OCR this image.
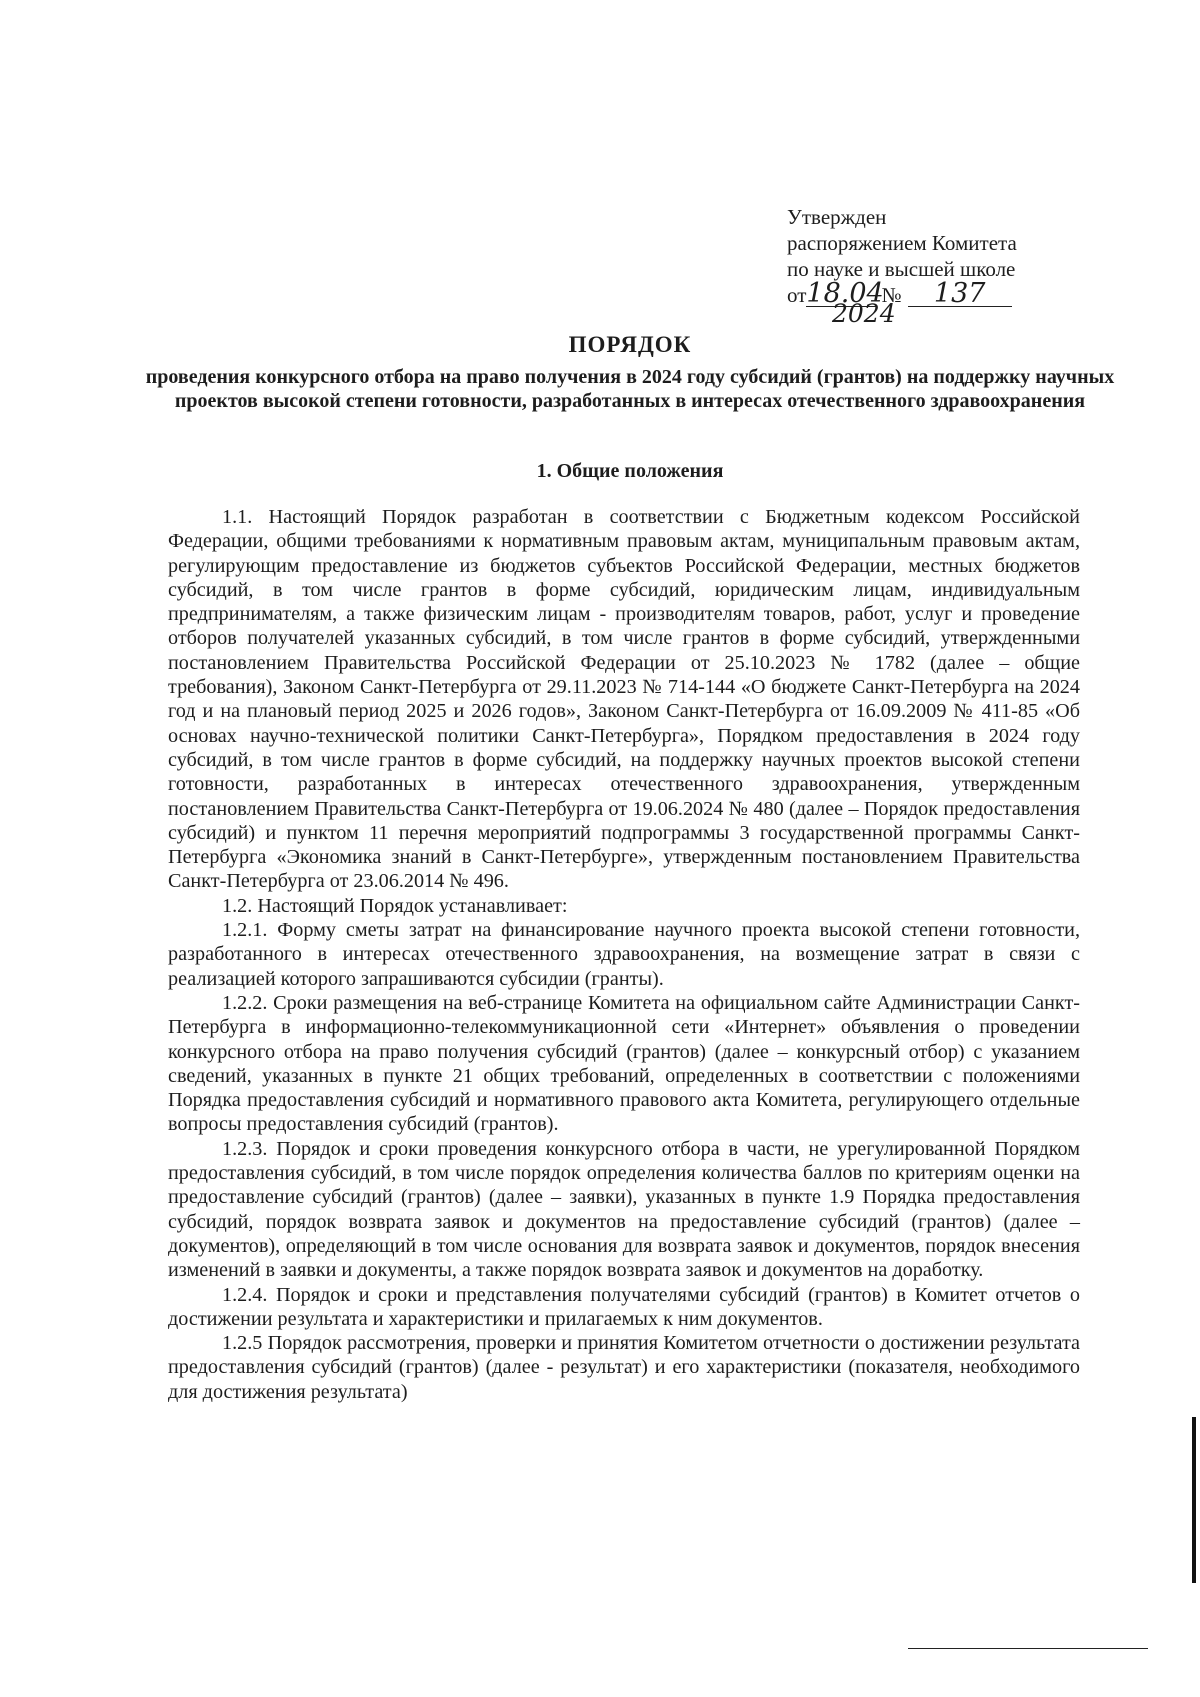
Утвержден
распоряжением Комитета
по науке и высшей школе
от18.04 № 137
2024
ПОРЯДОК
проведения конкурсного отбора на право получения в 2024 году субсидий (грантов) на поддержку научных проектов высокой степени готовности, разработанных в интересах отечественного здравоохранения
1. Общие положения

1.1. Настоящий Порядок разработан в соответствии с Бюджетным кодексом Российской Федерации, общими требованиями к нормативным правовым актам, муниципальным правовым актам, регулирующим предоставление из бюджетов субъектов Российской Федерации, местных бюджетов субсидий, в том числе грантов в форме субсидий, юридическим лицам, индивидуальным предпринимателям, а также физическим лицам - производителям товаров, работ, услуг и проведение отборов получателей указанных субсидий, в том числе грантов в форме субсидий, утвержденными постановлением Правительства Российской Федерации от 25.10.2023 № 1782 (далее – общие требования), Законом Санкт-Петербурга от 29.11.2023 № 714-144 «О бюджете Санкт-Петербурга на 2024 год и на плановый период 2025 и 2026 годов», Законом Санкт-Петербурга от 16.09.2009 № 411-85 «Об основах научно-технической политики Санкт-Петербурга», Порядком предоставления в 2024 году субсидий, в том числе грантов в форме субсидий, на поддержку научных проектов высокой степени готовности, разработанных в интересах отечественного здравоохранения, утвержденным постановлением Правительства Санкт-Петербурга от 19.06.2024 № 480 (далее – Порядок предоставления субсидий) и пунктом 11 перечня мероприятий подпрограммы 3 государственной программы Санкт-Петербурга «Экономика знаний в Санкт-Петербурге», утвержденным постановлением Правительства Санкт-Петербурга от 23.06.2014 № 496.

1.2. Настоящий Порядок устанавливает:

1.2.1. Форму сметы затрат на финансирование научного проекта высокой степени готовности, разработанного в интересах отечественного здравоохранения, на возмещение затрат в связи с реализацией которого запрашиваются субсидии (гранты).

1.2.2. Сроки размещения на веб-странице Комитета на официальном сайте Администрации Санкт-Петербурга в информационно-телекоммуникационной сети «Интернет» объявления о проведении конкурсного отбора на право получения субсидий (грантов) (далее – конкурсный отбор) с указанием сведений, указанных в пункте 21 общих требований, определенных в соответствии с положениями Порядка предоставления субсидий и нормативного правового акта Комитета, регулирующего отдельные вопросы предоставления субсидий (грантов).

1.2.3. Порядок и сроки проведения конкурсного отбора в части, не урегулированной Порядком предоставления субсидий, в том числе порядок определения количества баллов по критериям оценки на предоставление субсидий (грантов) (далее – заявки), указанных в пункте 1.9 Порядка предоставления субсидий, порядок возврата заявок и документов на предоставление субсидий (грантов) (далее – документов), определяющий в том числе основания для возврата заявок и документов, порядок внесения изменений в заявки и документы, а также порядок возврата заявок и документов на доработку.

1.2.4. Порядок и сроки и представления получателями субсидий (грантов) в Комитет отчетов о достижении результата и характеристики и прилагаемых к ним документов.

1.2.5 Порядок рассмотрения, проверки и принятия Комитетом отчетности о достижении результата предоставления субсидий (грантов) (далее - результат) и его характеристики (показателя, необходимого для достижения результата)
